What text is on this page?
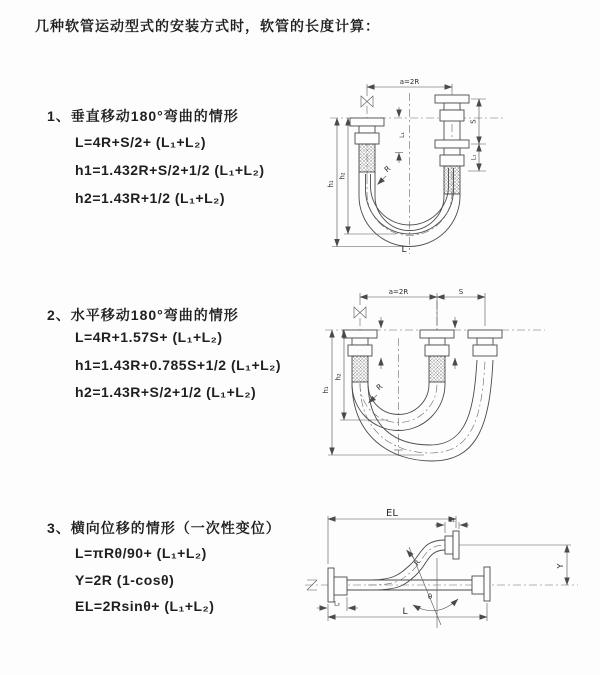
几种软管运动型式的安装方式时，软管的长度计算：
1、垂直移动180°弯曲的情形
L=4R+S/2+ (L₁+L₂)
h1=1.432R+S/2+1/2 (L₁+L₂)
h2=1.43R+1/2 (L₁+L₂)
2、水平移动180°弯曲的情形
L=4R+1.57S+ (L₁+L₂)
h1=1.43R+0.785S+1/2 (L₁+L₂)
h2=1.43R+S/2+1/2 (L₁+L₂)
3、横向位移的情形（一次性变位）
L=πRθ/90+ (L₁+L₂)
Y=2R (1-cosθ)
EL=2Rsinθ+ (L₁+L₂)
a=2R
L₁
S
L₁
h₁
h₂
R
L
a=2R	S
h₁
h₂
R
EL
L₁
Y
L
L₂
R
θ
